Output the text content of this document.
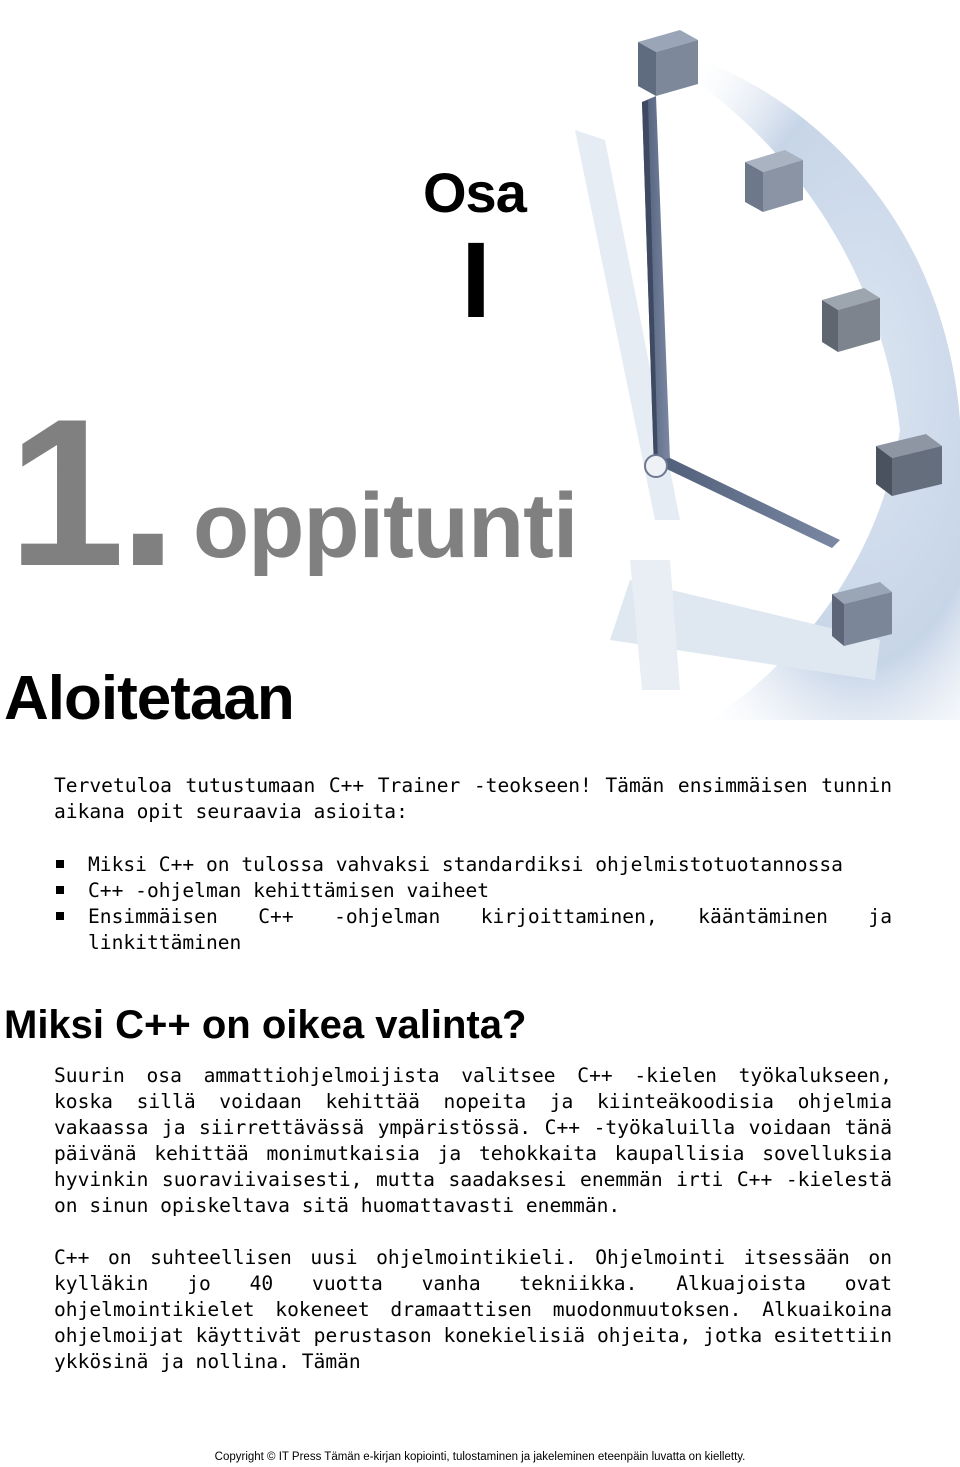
Osa
I
1. oppitunti
Aloitetaan
Tervetuloa tutustumaan C++ Trainer -teokseen! Tämän ensimmäisen tunnin aikana opit seuraavia asioita:
Miksi C++ on tulossa vahvaksi standardiksi ohjelmistotuotannossa
C++ -ohjelman kehittämisen vaiheet
Ensimmäisen C++ -ohjelman kirjoittaminen, kääntäminen ja linkittäminen
Miksi C++ on oikea valinta?
Suurin osa ammattiohjelmoijista valitsee C++ -kielen työkalukseen, koska sillä voidaan kehittää nopeita ja kiinteäkoodisia ohjelmia vakaassa ja siirrettävässä ympäristössä. C++ -työkaluilla voidaan tänä päivänä kehittää monimutkaisia ja tehokkaita kaupallisia sovelluksia hyvinkin suoraviivaisesti, mutta saadaksesi enemmän irti C++ -kielestä on sinun opiskeltava sitä huomattavasti enemmän.
C++ on suhteellisen uusi ohjelmointikieli. Ohjelmointi itsessään on kylläkin jo 40 vuotta vanha tekniikka. Alkuajoista ovat ohjelmointikielet kokeneet dramaattisen muodonmuutoksen. Alkuaikoina ohjelmoijat käyttivät perustason konekielisiä ohjeita, jotka esitettiin ykkösinä ja nollina. Tämän
Copyright © IT Press Tämän e-kirjan kopiointi, tulostaminen ja jakeleminen eteenpäin luvatta on kielletty.
